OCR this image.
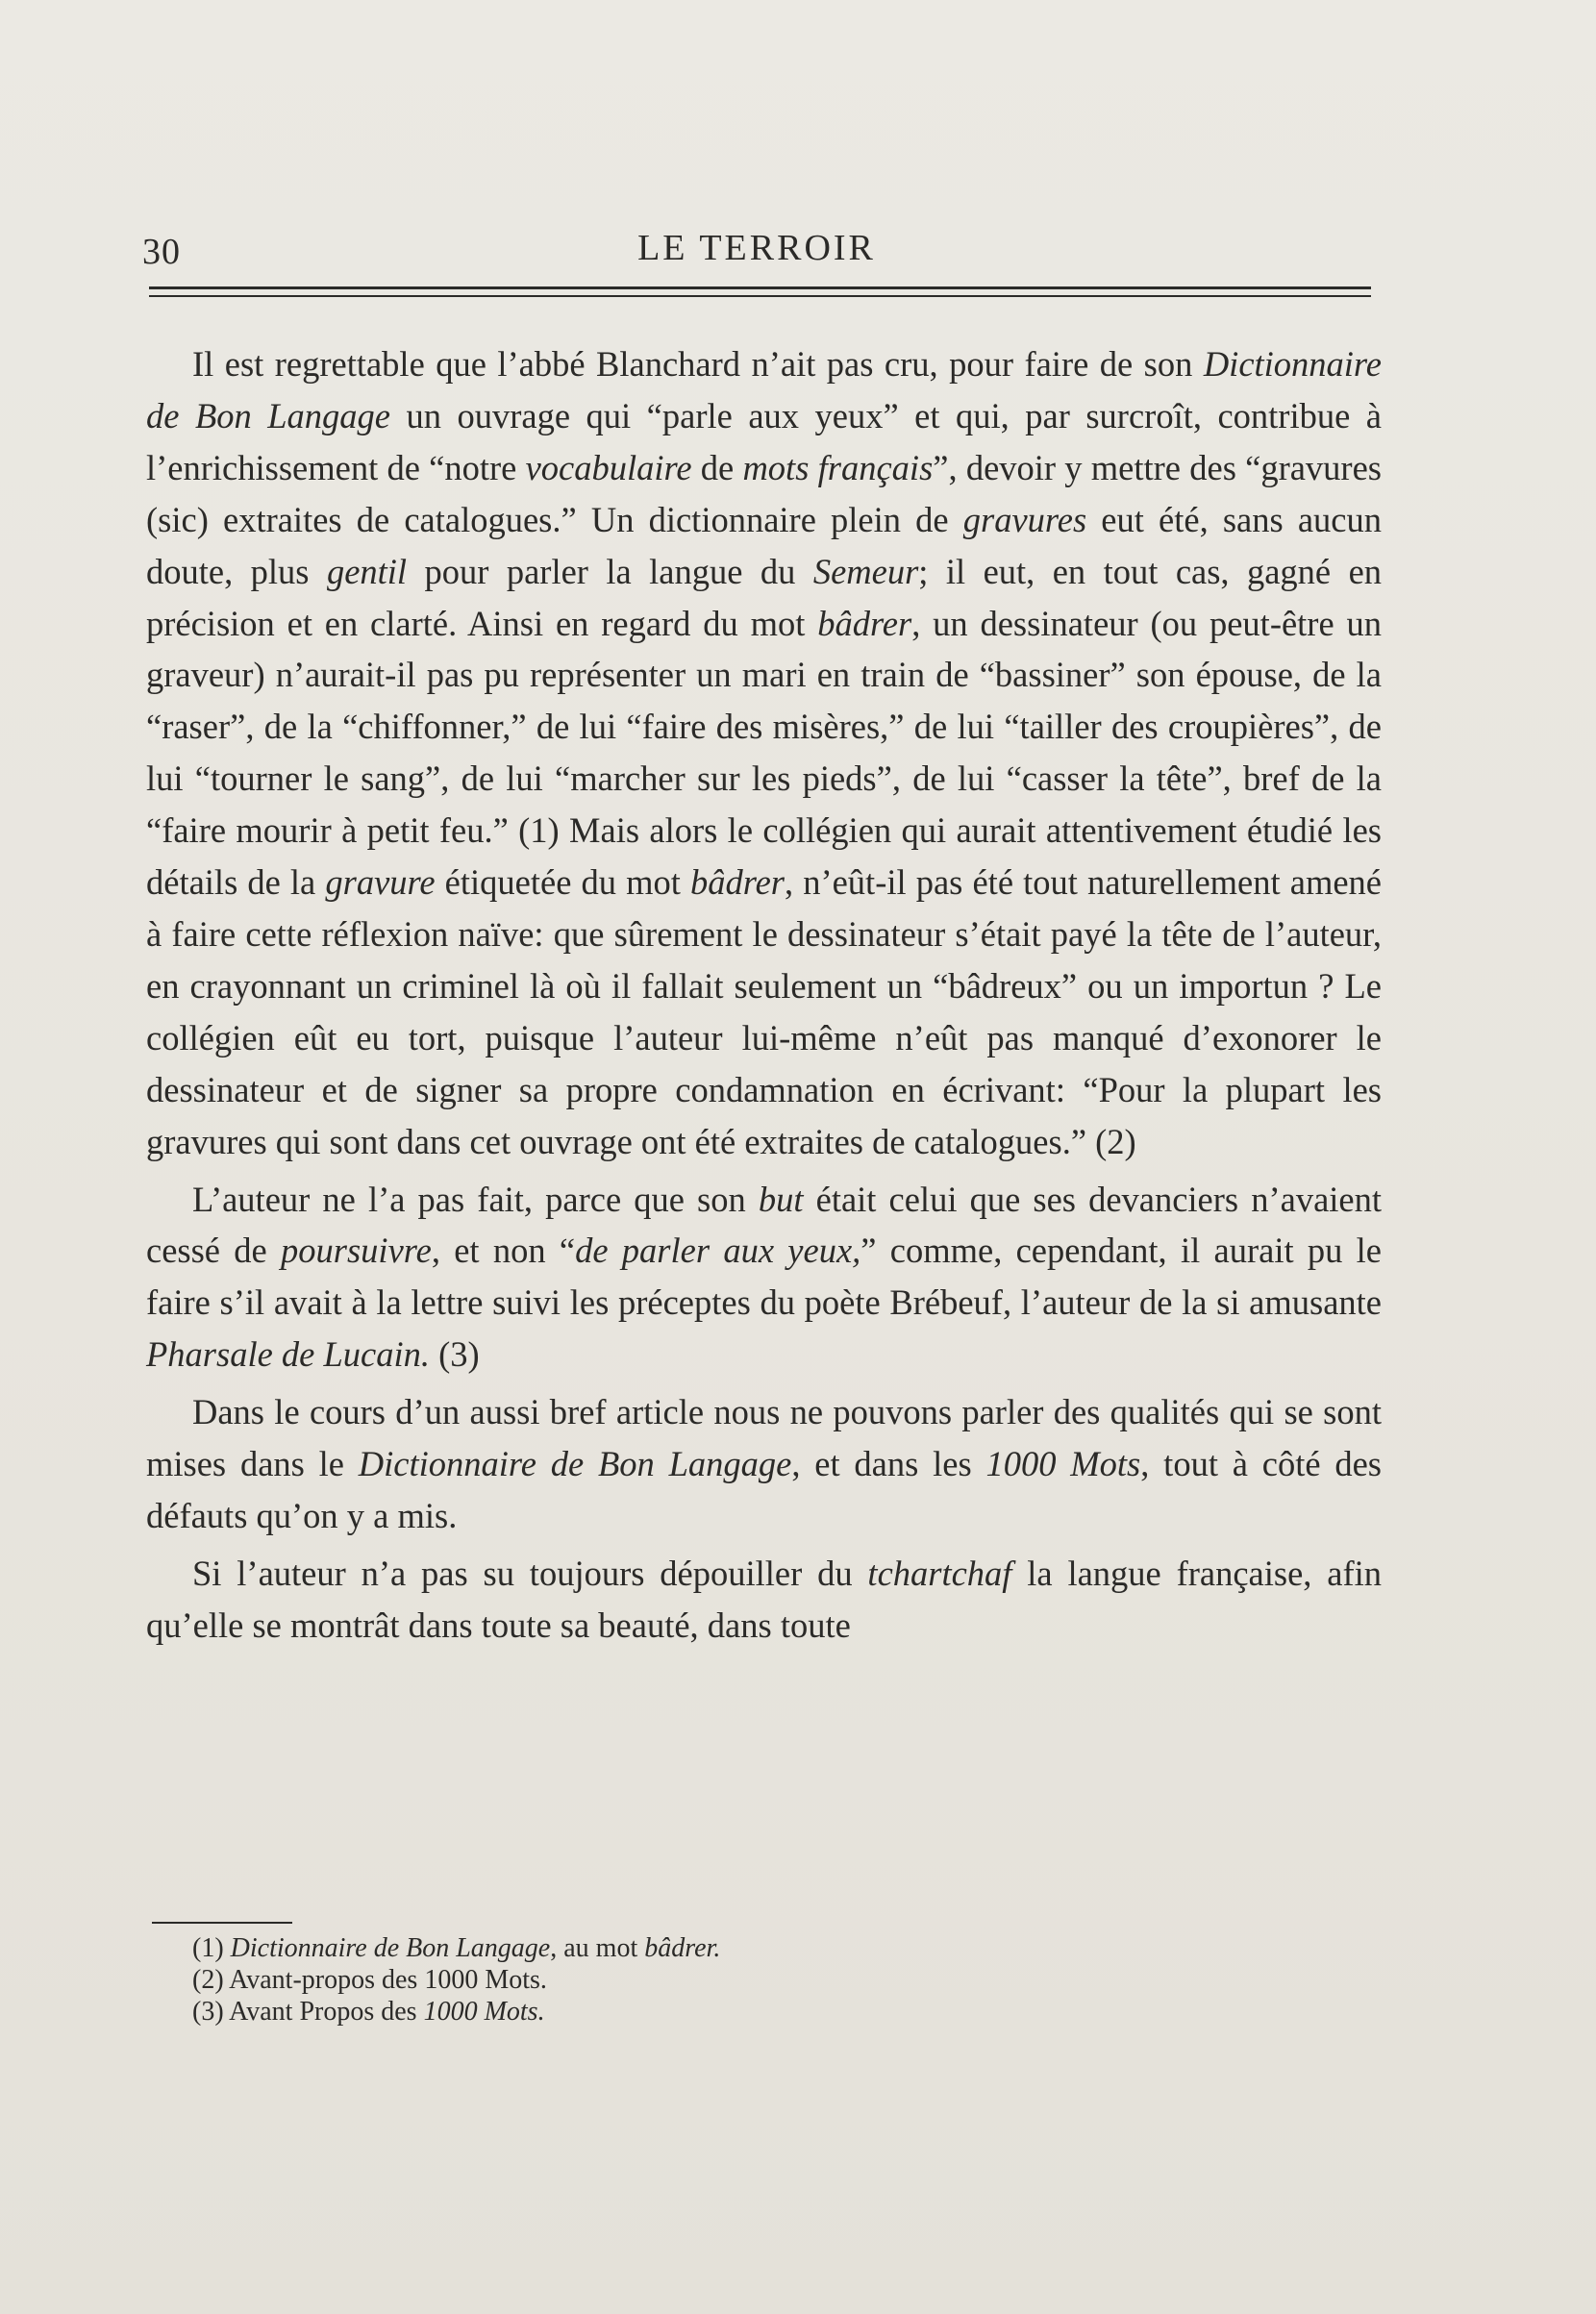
30	LE TERROIR

Il est regrettable que l’abbé Blanchard n’ait pas cru, pour faire de son Dictionnaire de Bon Langage un ouvrage qui “parle aux yeux” et qui, par surcroît, contribue à l’enrichissement de “notre vocabulaire de mots français”, devoir y mettre des “gravures (sic) extraites de catalogues.” Un dictionnaire plein de gravures eut été, sans aucun doute, plus gentil pour parler la langue du Semeur; il eut, en tout cas, gagné en précision et en clarté. Ainsi en regard du mot bâdrer, un dessinateur (ou peut-être un graveur) n’aurait-il pas pu représenter un mari en train de “bassiner” son épouse, de la “raser”, de la “chiffonner,” de lui “faire des misères,” de lui “tailler des croupières”, de lui “tourner le sang”, de lui “marcher sur les pieds”, de lui “casser la tête”, bref de la “faire mourir à petit feu.” (1) Mais alors le collégien qui aurait attentivement étudié les détails de la gravure étiquetée du mot bâdrer, n’eût-il pas été tout naturellement amené à faire cette réflexion naïve: que sûrement le dessinateur s’était payé la tête de l’auteur, en crayonnant un criminel là où il fallait seulement un “bâdreux” ou un importun ? Le collégien eût eu tort, puisque l’auteur lui-même n’eût pas manqué d’exonorer le dessinateur et de signer sa propre condamnation en écrivant: “Pour la plupart les gravures qui sont dans cet ouvrage ont été extraites de catalogues.” (2)

L’auteur ne l’a pas fait, parce que son but était celui que ses devanciers n’avaient cessé de poursuivre, et non “de parler aux yeux,” comme, cependant, il aurait pu le faire s’il avait à la lettre suivi les préceptes du poète Brébeuf, l’auteur de la si amusante Pharsale de Lucain. (3)

Dans le cours d’un aussi bref article nous ne pouvons parler des qualités qui se sont mises dans le Dictionnaire de Bon Langage, et dans les 1000 Mots, tout à côté des défauts qu’on y a mis.

Si l’auteur n’a pas su toujours dépouiller du tchartchaf la langue française, afin qu’elle se montrât dans toute sa beauté, dans toute

(1) Dictionnaire de Bon Langage, au mot bâdrer.
(2) Avant-propos des 1000 Mots.
(3) Avant Propos des 1000 Mots.
